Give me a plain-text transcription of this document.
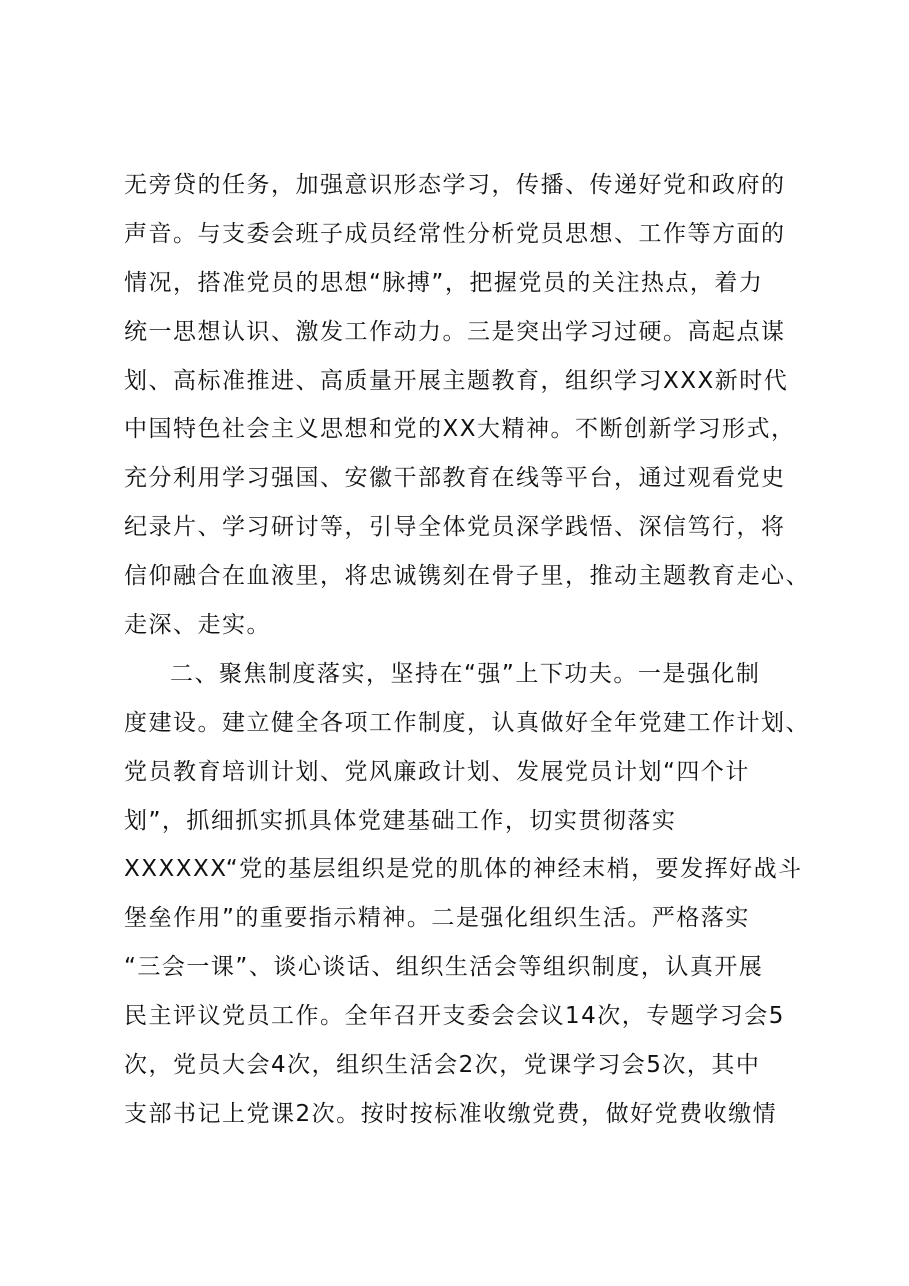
无旁贷的任务，加强意识形态学习，传播、传递好党和政府的
声音。与支委会班子成员经常性分析党员思想、工作等方面的
情况，搭准党员的思想“脉搏”，把握党员的关注热点，着力
统一思想认识、激发工作动力。三是突出学习过硬。高起点谋
划、高标准推进、高质量开展主题教育，组织学习XXX新时代
中国特色社会主义思想和党的XX大精神。不断创新学习形式，
充分利用学习强国、安徽干部教育在线等平台，通过观看党史
纪录片、学习研讨等，引导全体党员深学践悟、深信笃行，将
信仰融合在血液里，将忠诚镌刻在骨子里，推动主题教育走心、
走深、走实。
二、聚焦制度落实，坚持在“强”上下功夫。一是强化制
度建设。建立健全各项工作制度，认真做好全年党建工作计划、
党员教育培训计划、党风廉政计划、发展党员计划“四个计
划”，抓细抓实抓具体党建基础工作，切实贯彻落实
XXXXXX“党的基层组织是党的肌体的神经末梢，要发挥好战斗
堡垒作用”的重要指示精神。二是强化组织生活。严格落实
“三会一课”、谈心谈话、组织生活会等组织制度，认真开展
民主评议党员工作。全年召开支委会会议14次，专题学习会5
次，党员大会4次，组织生活会2次，党课学习会5次，其中
支部书记上党课2次。按时按标准收缴党费，做好党费收缴情
